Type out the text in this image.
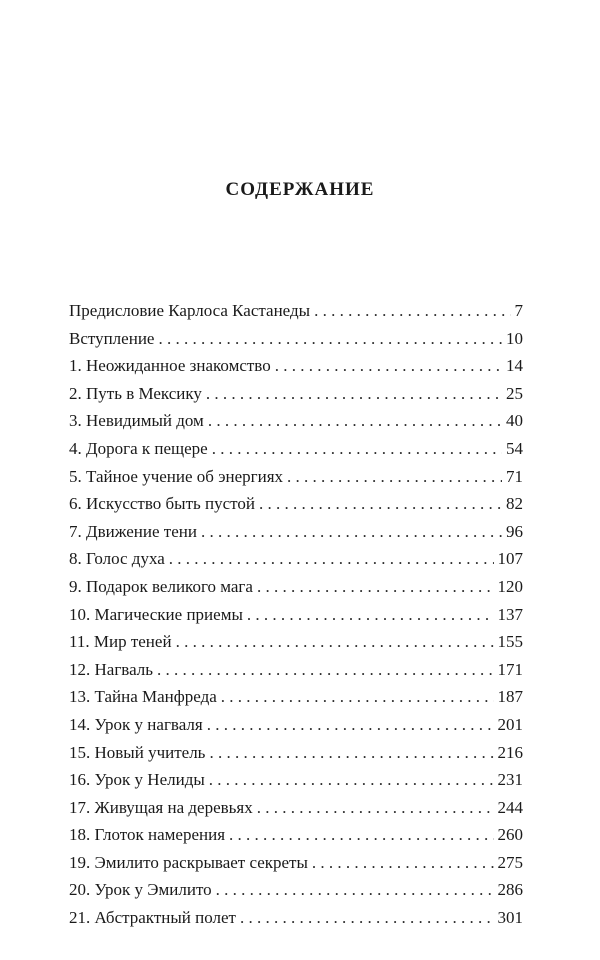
СОДЕРЖАНИЕ
Предисловие Карлоса Кастанеды . . .	7
Вступление . . .	10
1. Неожиданное знакомство . . .	14
2. Путь в Мексику . . .	25
3. Невидимый дом . . .	40
4. Дорога к пещере . . .	54
5. Тайное учение об энергиях . . .	71
6. Искусство быть пустой . . .	82
7. Движение тени . . .	96
8. Голос духа . . .	107
9. Подарок великого мага . . .	120
10. Магические приемы . . .	137
11. Мир теней . . .	155
12. Нагваль . . .	171
13. Тайна Манфреда . . .	187
14. Урок у нагваля . . .	201
15. Новый учитель . . .	216
16. Урок у Нелиды . . .	231
17. Живущая на деревьях . . .	244
18. Глоток намерения . . .	260
19. Эмилито раскрывает секреты . . .	275
20. Урок у Эмилито . . .	286
21. Абстрактный полет . . .	301
